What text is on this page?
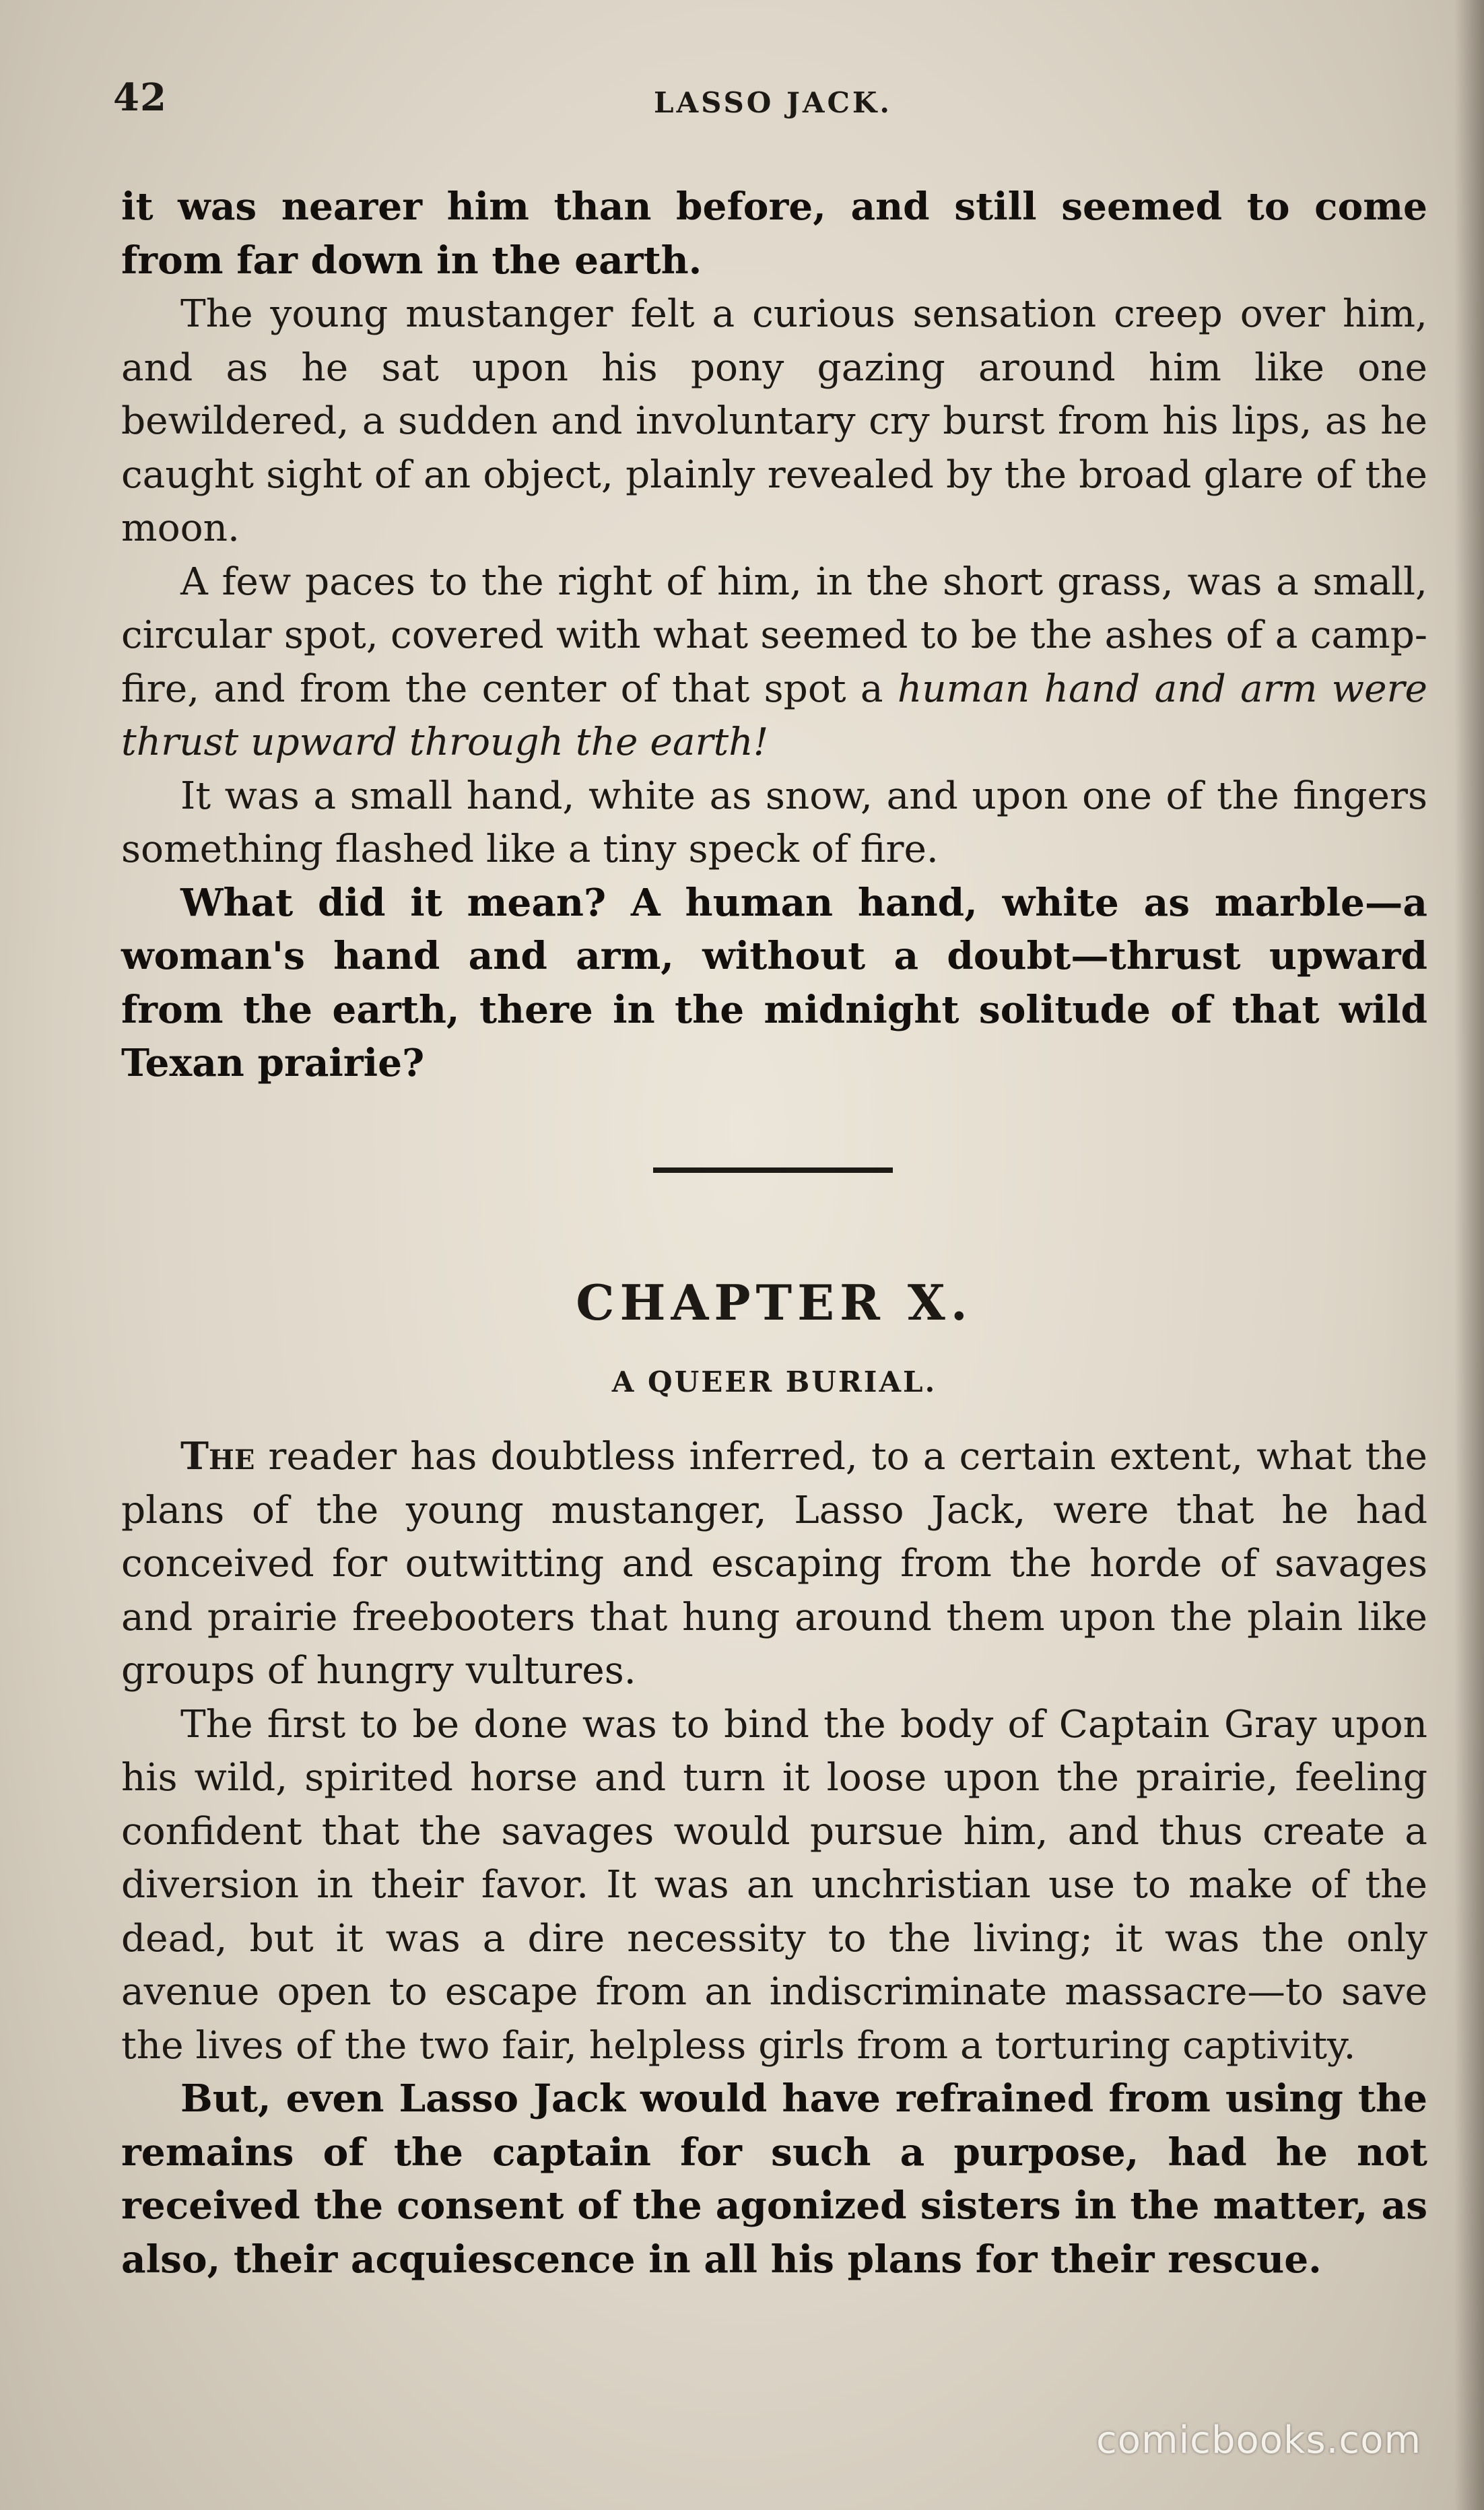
42	LASSO JACK.

it was nearer him than before, and still seemed to come from far down in the earth.

The young mustanger felt a curious sensation creep over him, and as he sat upon his pony gazing around him like one bewildered, a sudden and involuntary cry burst from his lips, as he caught sight of an object, plainly revealed by the broad glare of the moon.

A few paces to the right of him, in the short grass, was a small, circular spot, covered with what seemed to be the ashes of a camp-fire, and from the center of that spot a human hand and arm were thrust upward through the earth!

It was a small hand, white as snow, and upon one of the fingers something flashed like a tiny speck of fire.

What did it mean? A human hand, white as marble—a woman's hand and arm, without a doubt—thrust upward from the earth, there in the midnight solitude of that wild Texan prairie?

CHAPTER X.
A QUEER BURIAL.

The reader has doubtless inferred, to a certain extent, what the plans of the young mustanger, Lasso Jack, were that he had conceived for outwitting and escaping from the horde of savages and prairie freebooters that hung around them upon the plain like groups of hungry vultures.

The first to be done was to bind the body of Captain Gray upon his wild, spirited horse and turn it loose upon the prairie, feeling confident that the savages would pursue him, and thus create a diversion in their favor. It was an unchristian use to make of the dead, but it was a dire necessity to the living; it was the only avenue open to escape from an indiscriminate massacre—to save the lives of the two fair, helpless girls from a torturing captivity.

But, even Lasso Jack would have refrained from using the remains of the captain for such a purpose, had he not received the consent of the agonized sisters in the matter, as also, their acquiescence in all his plans for their rescue.

comicbooks.com
